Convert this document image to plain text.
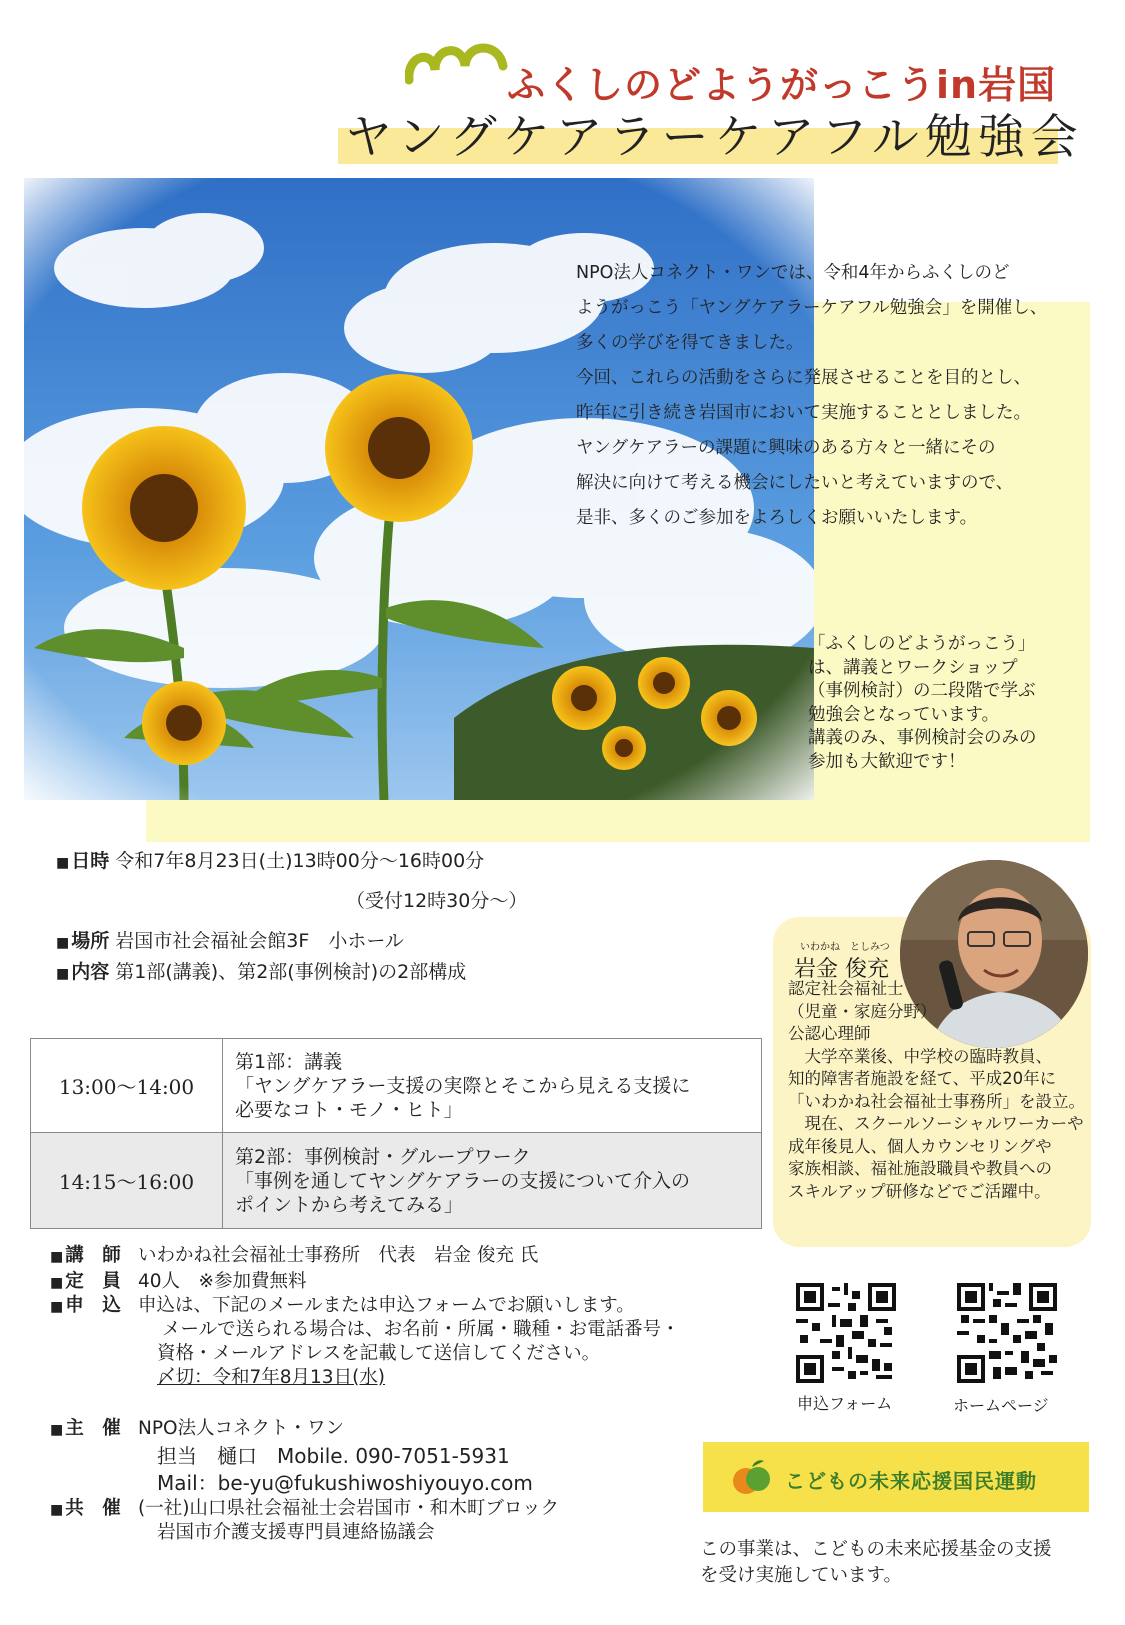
ふくしのどようがっこうin岩国
ヤングケアラーケアフル勉強会

NPO法人コネクト・ワンでは、令和4年からふくしのど

ようがっこう「ヤングケアラーケアフル勉強会」を開催し、

多くの学びを得てきました。

今回、これらの活動をさらに発展させることを目的とし、

昨年に引き続き岩国市において実施することとしました。

ヤングケアラーの課題に興味のある方々と一緒にその

解決に向けて考える機会にしたいと考えていますので、

是非、多くのご参加をよろしくお願いいたします。

「ふくしのどようがっこう」

は、講義とワークショップ

（事例検討）の二段階で学ぶ

勉強会となっています。

講義のみ、事例検討会のみの

参加も大歓迎です！

■ 日時 令和7年8月23日(土)13時00分～16時00分
（受付12時30分～）
■ 場所 岩国市社会福祉会館3F　小ホール
■ 内容 第1部(講義)、第2部(事例検討)の2部構成
13:00～14:00	第1部：講義
「ヤングケアラー支援の実際とそこから見える支援に
必要なコト・モノ・ヒト」

14:15～16:00	第2部：事例検討・グループワーク
「事例を通してヤングケアラーの支援について介入の
ポイントから考えてみる」
■ 講　師 いわかね社会福祉士事務所　代表　岩金 俊充 氏
■ 定　員 40人　※参加費無料
■ 申　込 申込は、下記のメールまたは申込フォームでお願いします。
メールで送られる場合は、お名前・所属・職種・お電話番号・
資格・メールアドレスを記載して送信してください。
〆切：令和7年8月13日(水)
■ 主　催 NPO法人コネクト・ワン
担当　樋口　Mobile. 090-7051-5931
Mail：be-yu@fukushiwoshiyouyo.com
■ 共　催 (一社)山口県社会福祉士会岩国市・和木町ブロック
岩国市介護支援専門員連絡協議会
いわかね　としみつ
岩金 俊充

認定社会福祉士

（児童・家庭分野）

公認心理師

　大学卒業後、中学校の臨時教員、

知的障害者施設を経て、平成20年に

「いわかね社会福祉士事務所」を設立。

　現在、スクールソーシャルワーカーや

成年後見人、個人カウンセリングや

家族相談、福祉施設職員や教員への

スキルアップ研修などでご活躍中。

申込フォーム	ホームページ
こどもの未来応援国民運動
この事業は、こどもの未来応援基金の支援
を受け実施しています。
